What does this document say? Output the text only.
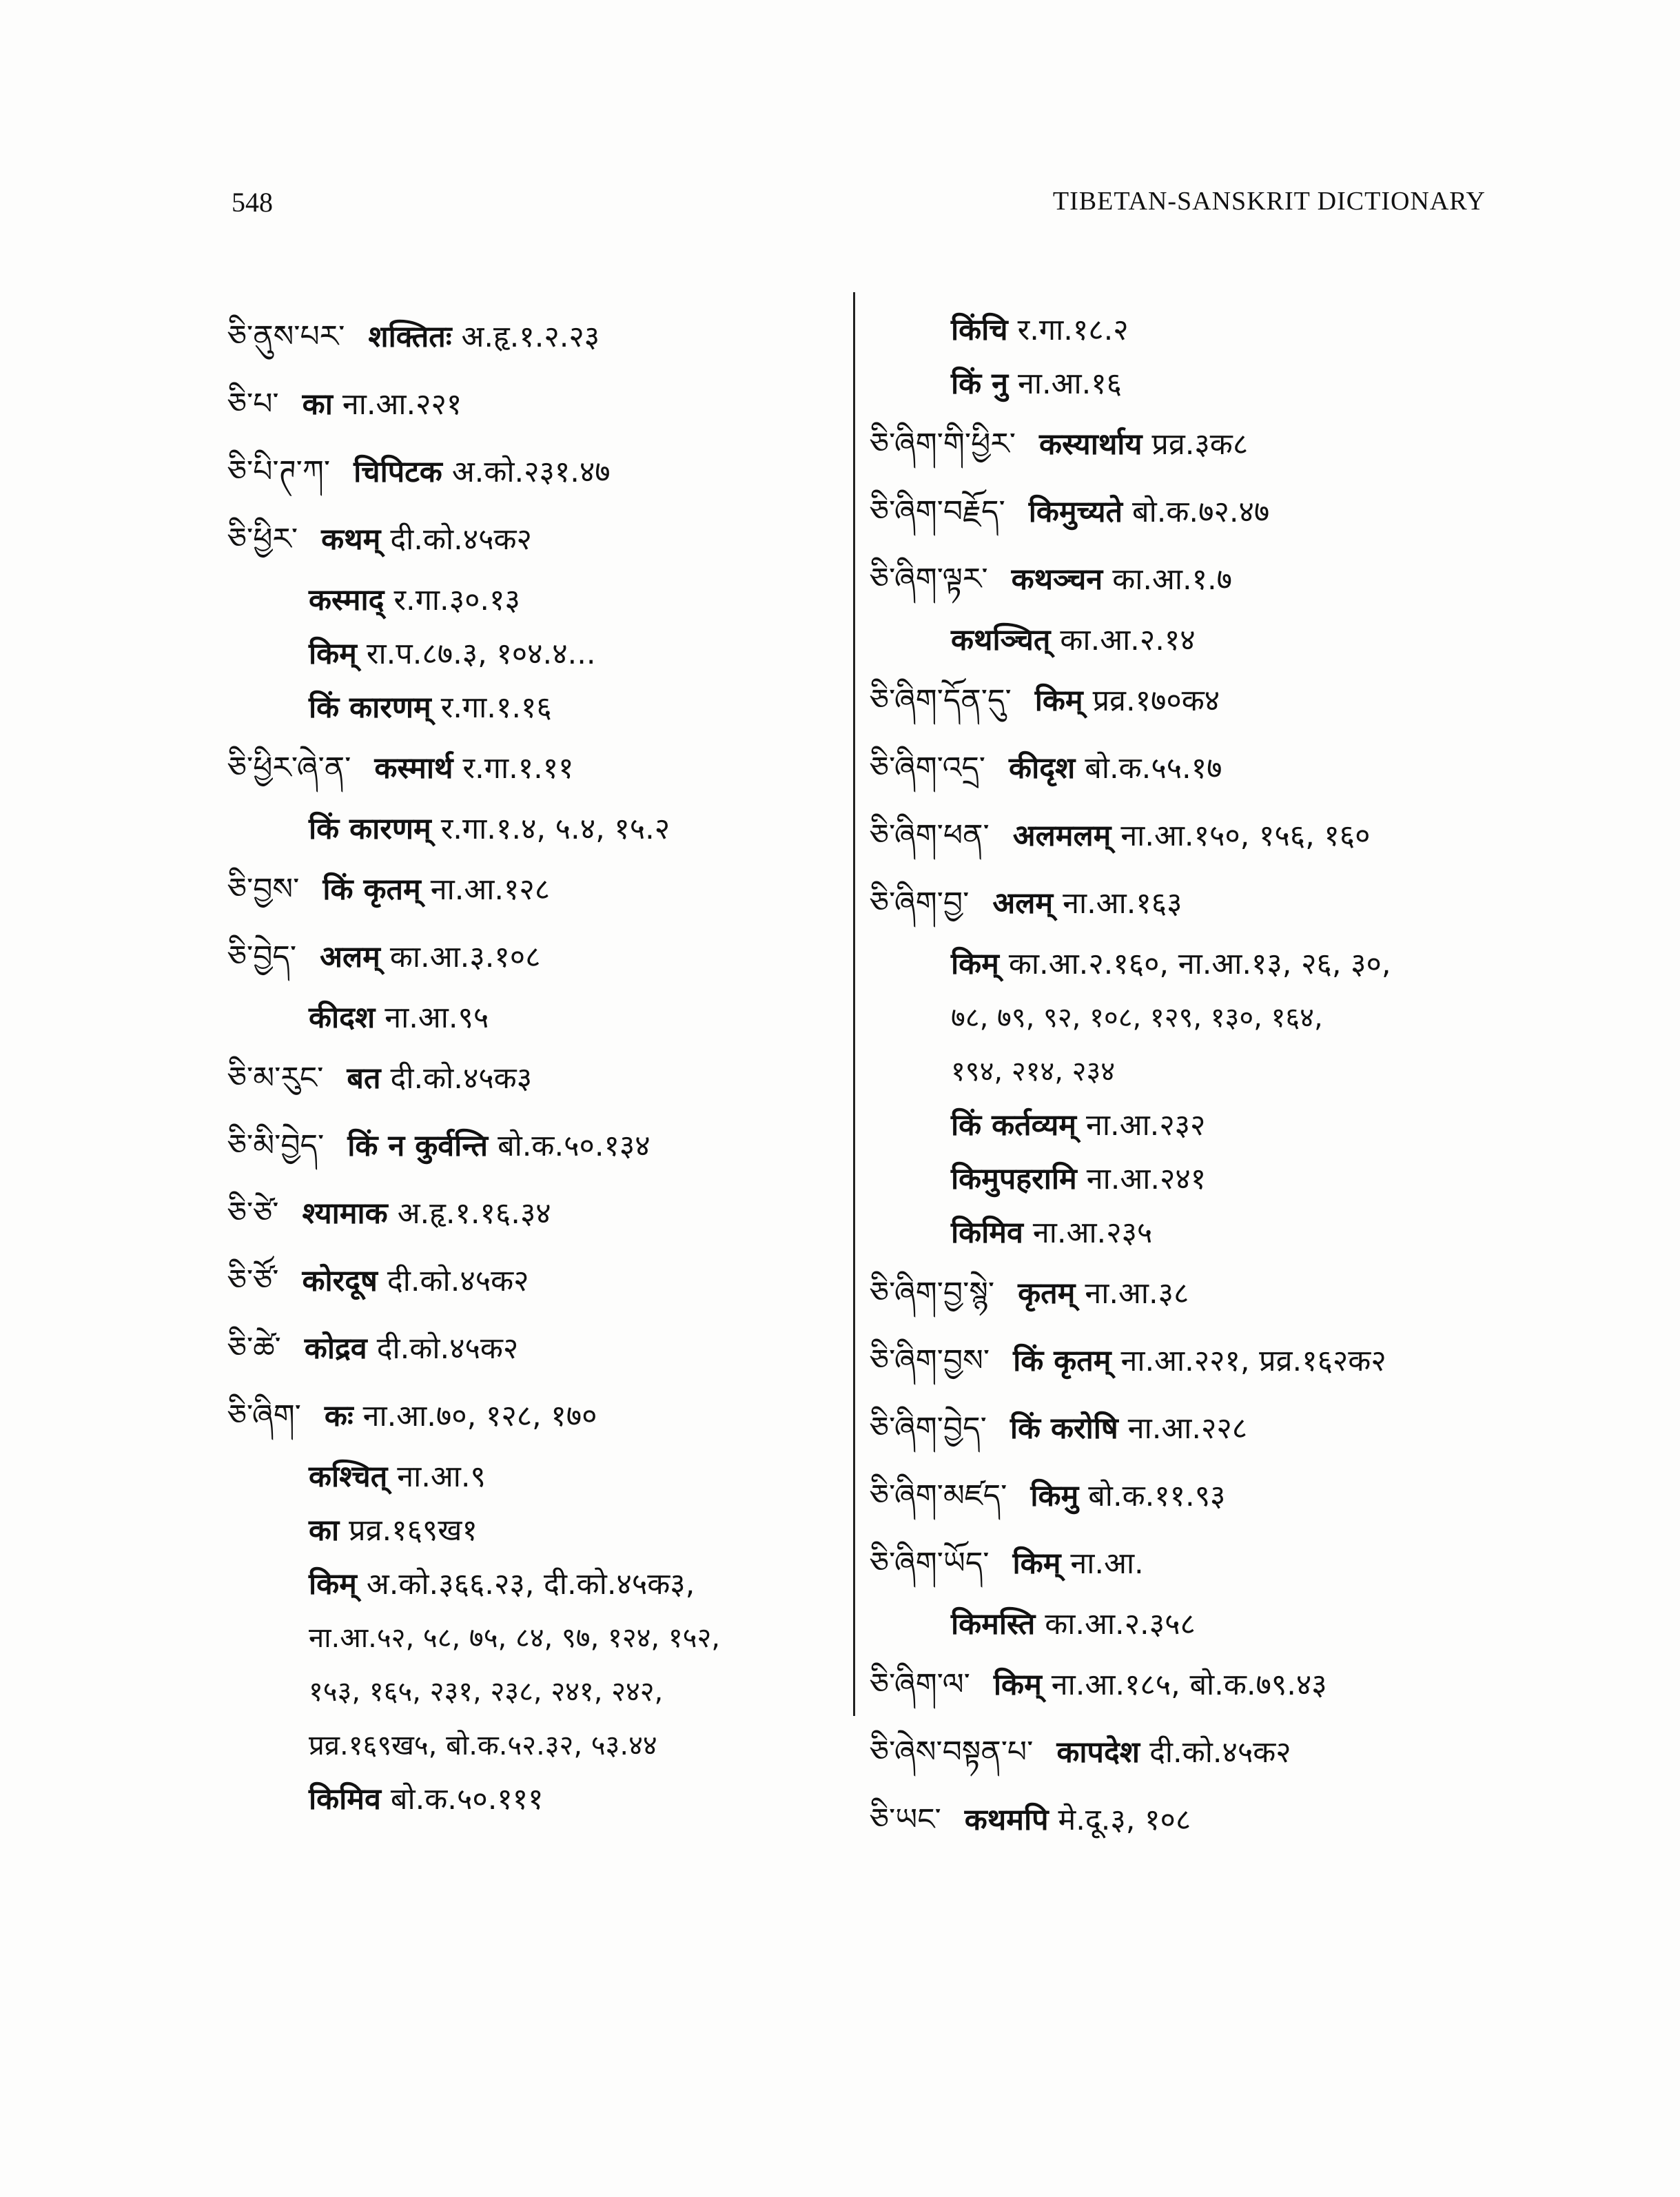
548	TIBETAN-SANSKRIT DICTIONARY
ཅི་ནུས་པར་ शक्तितः अ.हृ.१.२.२३
ཅི་པ་ का ना.आ.२२१
ཅི་པི་ཊ་ཀ་ चिपिटक अ.को.२३१.४७
ཅི་ཕྱིར་ कथम् दी.को.४५क२
कस्माद् र.गा.३०.१३
किम् रा.प.८७.३, १०४.४...
किं कारणम् र.गा.१.१६
ཅི་ཕྱིར་ཞེ་ན་ कस्मार्थ र.गा.१.११
किं कारणम् र.गा.१.४, ५.४, १५.२
ཅི་བྱས་ किं कृतम् ना.आ.१२८
ཅི་བྱེད་ अलम् का.आ.३.१०८
कीदश ना.आ.९५
ཅི་མ་རུང་ बत दी.को.४५क३
ཅི་མི་བྱེད་ किं न कुर्वन्ति बो.क.५०.१३४
ཅི་ཙེ་ श्यामाक अ.हृ.१.१६.३४
ཅི་ཙོ་ कोरदूष दी.को.४५क२
ཅི་ཚེ་ कोद्रव दी.को.४५क२
ཅི་ཞིག་ कः ना.आ.७०, १२८, १७०
कश्चित् ना.आ.९
का प्रव्र.१६९ख१
किम् अ.को.३६६.२३, दी.को.४५क३,
ना.आ.५२, ५८, ७५, ८४, ९७, १२४, १५२,
१५३, १६५, २३१, २३८, २४१, २४२,
प्रव्र.१६९ख५, बो.क.५२.३२, ५३.४४
किमिव बो.क.५०.१११
किंचि र.गा.१८.२
किं नु ना.आ.१६
ཅི་ཞིག་གི་ཕྱིར་ कस्यार्थाय प्रव्र.३क८
ཅི་ཞིག་བརྗོད་ किमुच्यते बो.क.७२.४७
ཅི་ཞིག་ལྟར་ कथञ्चन का.आ.१.७
कथञ्चित् का.आ.२.१४
ཅི་ཞིག་དོན་དུ་ किम् प्रव्र.१७०क४
ཅི་ཞིག་འདྲ་ कीदृश बो.क.५५.१७
ཅི་ཞིག་ཕན་ अलमलम् ना.आ.१५०, १५६, १६०
ཅི་ཞིག་བྱ་ अलम् ना.आ.१६३
किम् का.आ.२.१६०, ना.आ.१३, २६, ३०,
७८, ७९, ९२, १०८, १२९, १३०, १६४,
१९४, २१४, २३४
किं कर्तव्यम् ना.आ.२३२
किमुपहरामि ना.आ.२४१
किमिव ना.आ.२३५
ཅི་ཞིག་བྱ་སྙེ་ कृतम् ना.आ.३८
ཅི་ཞིག་བྱས་ किं कृतम् ना.आ.२२१, प्रव्र.१६२क२
ཅི་ཞིག་བྱེད་ किं करोषि ना.आ.२२८
ཅི་ཞིག་མཛད་ किमु बो.क.११.९३
ཅི་ཞིག་ཡོད་ किम् ना.आ.
किमस्ति का.आ.२.३५८
ཅི་ཞིག་ལ་ किम् ना.आ.१८५, बो.क.७९.४३
ཅི་ཞེས་བསྟན་པ་ कापदेश दी.को.४५क२
ཅི་ཡང་ कथमपि मे.दू.३, १०८
